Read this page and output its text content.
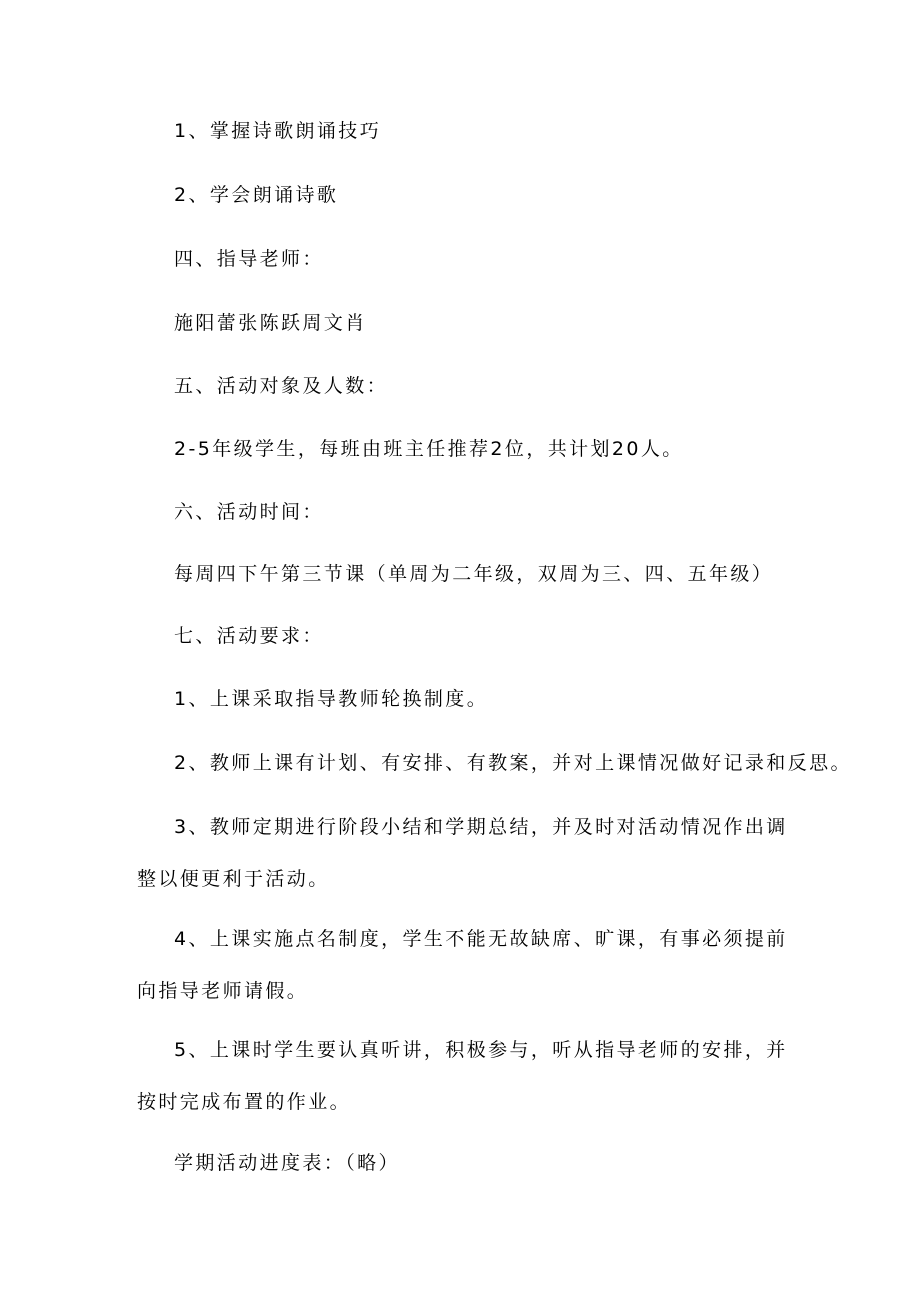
1、掌握诗歌朗诵技巧

2、学会朗诵诗歌

四、指导老师：

施阳蕾张陈跃周文肖

五、活动对象及人数：

2-5年级学生，每班由班主任推荐2位，共计划20人。

六、活动时间：

每周四下午第三节课（单周为二年级，双周为三、四、五年级）

七、活动要求：

1、上课采取指导教师轮换制度。

2、教师上课有计划、有安排、有教案，并对上课情况做好记录和反思。

3、教师定期进行阶段小结和学期总结，并及时对活动情况作出调整以便更利于活动。

4、上课实施点名制度，学生不能无故缺席、旷课，有事必须提前向指导老师请假。

5、上课时学生要认真听讲，积极参与，听从指导老师的安排，并按时完成布置的作业。

学期活动进度表：（略）
